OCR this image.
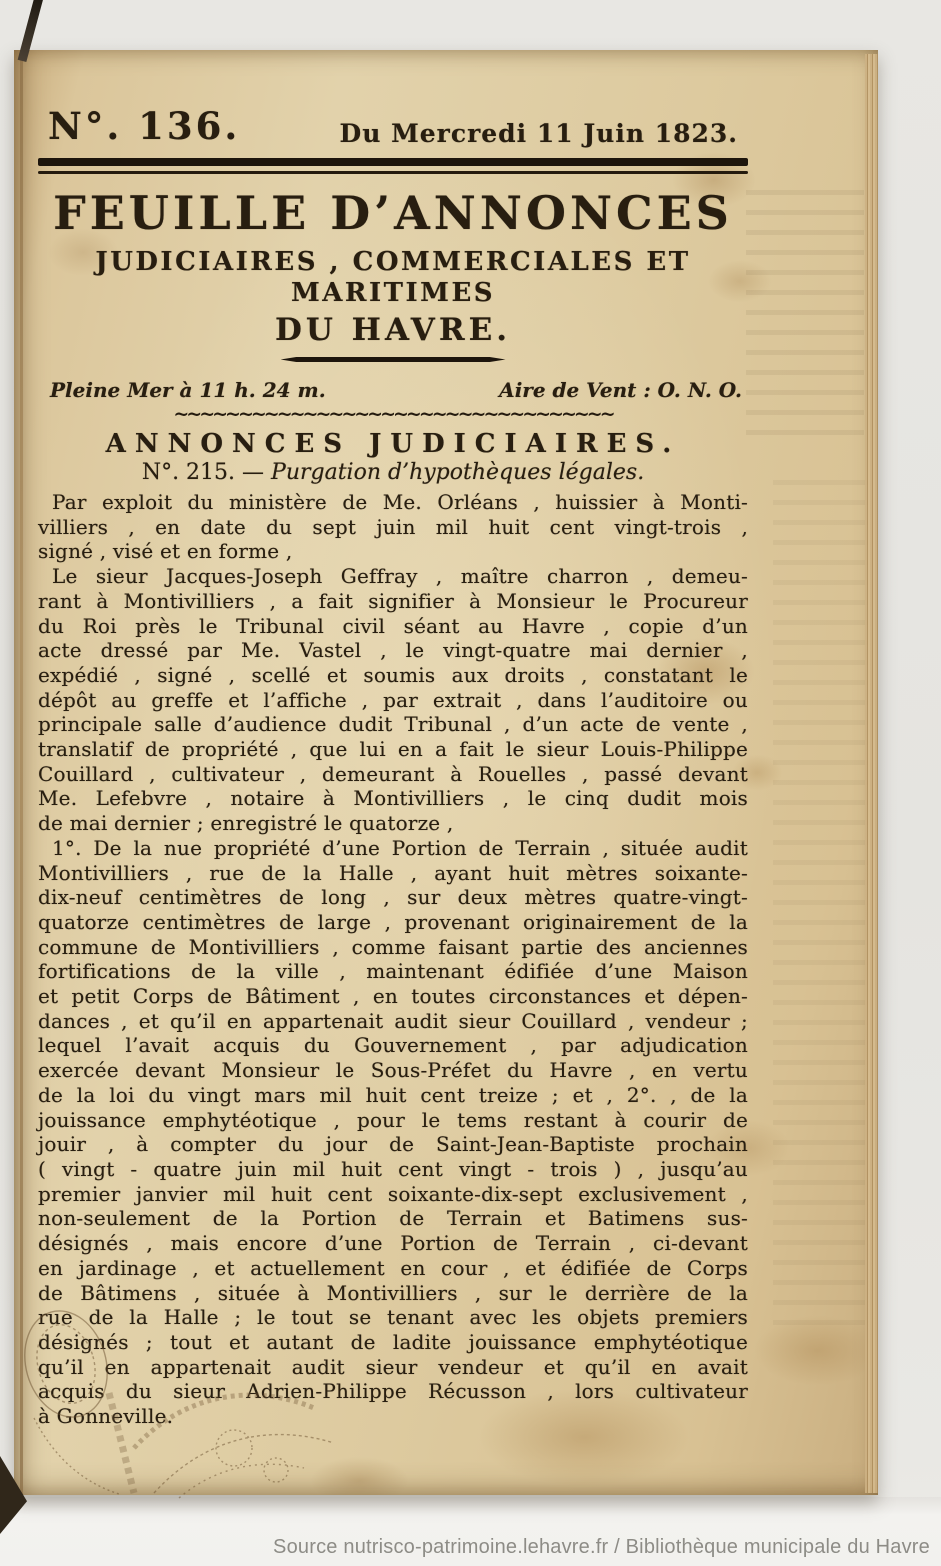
N°. 136.	Du Mercredi 11 Juin 1823.
FEUILLE D’ANNONCES
JUDICIAIRES , COMMERCIALES ET MARITIMES
DU HAVRE.
Pleine Mer à 11 h. 24 m.	Aire de Vent : O. N. O.
~~~~~~~~~~~~~~~~~~~~~~~~~~~~~~~~~~
ANNONCES JUDICIAIRES.
N°. 215. — Purgation d’hypothèques légales.
Par exploit du ministère de Me. Orléans , huissier à Monti-
villiers , en date du sept juin mil huit cent vingt-trois ,
signé , visé et en forme ,
Le sieur Jacques-Joseph Geffray , maître charron , demeu-
rant à Montivilliers , a fait signifier à Monsieur le Procureur
du Roi près le Tribunal civil séant au Havre , copie d’un
acte dressé par Me. Vastel , le vingt-quatre mai dernier ,
expédié , signé , scellé et soumis aux droits , constatant le
dépôt au greffe et l’affiche , par extrait , dans l’auditoire ou
principale salle d’audience dudit Tribunal , d’un acte de vente ,
translatif de propriété , que lui en a fait le sieur Louis-Philippe
Couillard , cultivateur , demeurant à Rouelles , passé devant
Me. Lefebvre , notaire à Montivilliers , le cinq dudit mois
de mai dernier ; enregistré le quatorze ,
1°. De la nue propriété d’une Portion de Terrain , située audit
Montivilliers , rue de la Halle , ayant huit mètres soixante-
dix-neuf centimètres de long , sur deux mètres quatre-vingt-
quatorze centimètres de large , provenant originairement de la
commune de Montivilliers , comme faisant partie des anciennes
fortifications de la ville , maintenant édifiée d’une Maison
et petit Corps de Bâtiment , en toutes circonstances et dépen-
dances , et qu’il en appartenait audit sieur Couillard , vendeur ;
lequel l’avait acquis du Gouvernement , par adjudication
exercée devant Monsieur le Sous-Préfet du Havre , en vertu
de la loi du vingt mars mil huit cent treize ; et , 2°. , de la
jouissance emphytéotique , pour le tems restant à courir de
jouir , à compter du jour de Saint-Jean-Baptiste prochain
( vingt - quatre juin mil huit cent vingt - trois ) , jusqu’au
premier janvier mil huit cent soixante-dix-sept exclusivement ,
non-seulement de la Portion de Terrain et Batimens sus-
désignés , mais encore d’une Portion de Terrain , ci-devant
en jardinage , et actuellement en cour , et édifiée de Corps
de Bâtimens , située à Montivilliers , sur le derrière de la
rue de la Halle ; le tout se tenant avec les objets premiers
désignés ; tout et autant de ladite jouissance emphytéotique
qu’il en appartenait audit sieur vendeur et qu’il en avait
acquis du sieur Adrien-Philippe Récusson , lors cultivateur
à Gonneville.
Source nutrisco-patrimoine.lehavre.fr / Bibliothèque municipale du Havre
